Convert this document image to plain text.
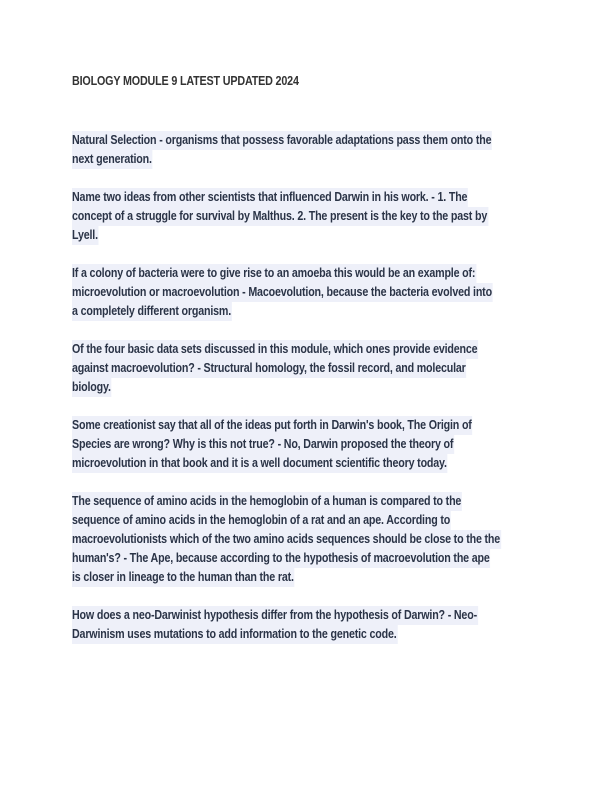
BIOLOGY MODULE 9 LATEST UPDATED 2024
Natural Selection - organisms that possess favorable adaptations pass them onto the
next generation.
Name two ideas from other scientists that influenced Darwin in his work. - 1. The
concept of a struggle for survival by Malthus. 2. The present is the key to the past by
Lyell.
If a colony of bacteria were to give rise to an amoeba this would be an example of:
microevolution or macroevolution - Macoevolution, because the bacteria evolved into
a completely different organism.
Of the four basic data sets discussed in this module, which ones provide evidence
against macroevolution? - Structural homology, the fossil record, and molecular
biology.
Some creationist say that all of the ideas put forth in Darwin's book, The Origin of
Species are wrong? Why is this not true? - No, Darwin proposed the theory of
microevolution in that book and it is a well document scientific theory today.
The sequence of amino acids in the hemoglobin of a human is compared to the
sequence of amino acids in the hemoglobin of a rat and an ape. According to
macroevolutionists which of the two amino acids sequences should be close to the the
human's? - The Ape, because according to the hypothesis of macroevolution the ape
is closer in lineage to the human than the rat.
How does a neo-Darwinist hypothesis differ from the hypothesis of Darwin? - Neo-
Darwinism uses mutations to add information to the genetic code.
